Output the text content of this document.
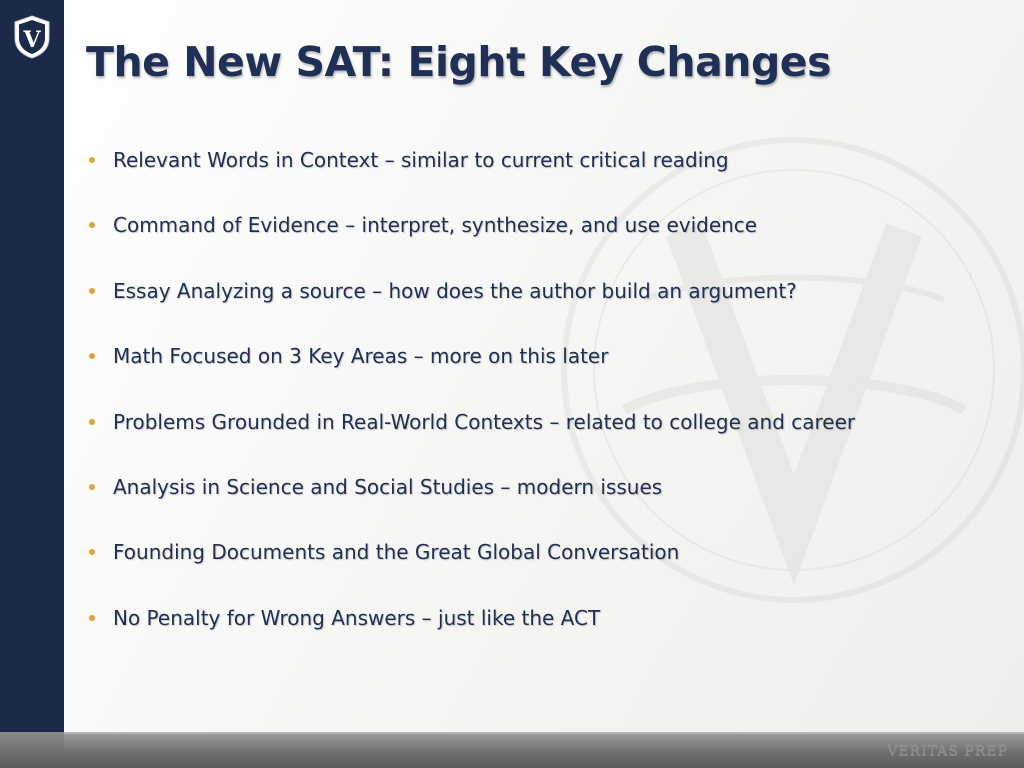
V The New SAT: Eight Key Changes
Relevant Words in Context – similar to current critical reading
Command of Evidence – interpret, synthesize, and use evidence
Essay Analyzing a source – how does the author build an argument?
Math Focused on 3 Key Areas – more on this later
Problems Grounded in Real-World Contexts – related to college and career
Analysis in Science and Social Studies – modern issues
Founding Documents and the Great Global Conversation
No Penalty for Wrong Answers – just like the ACT
VERITAS PREP
